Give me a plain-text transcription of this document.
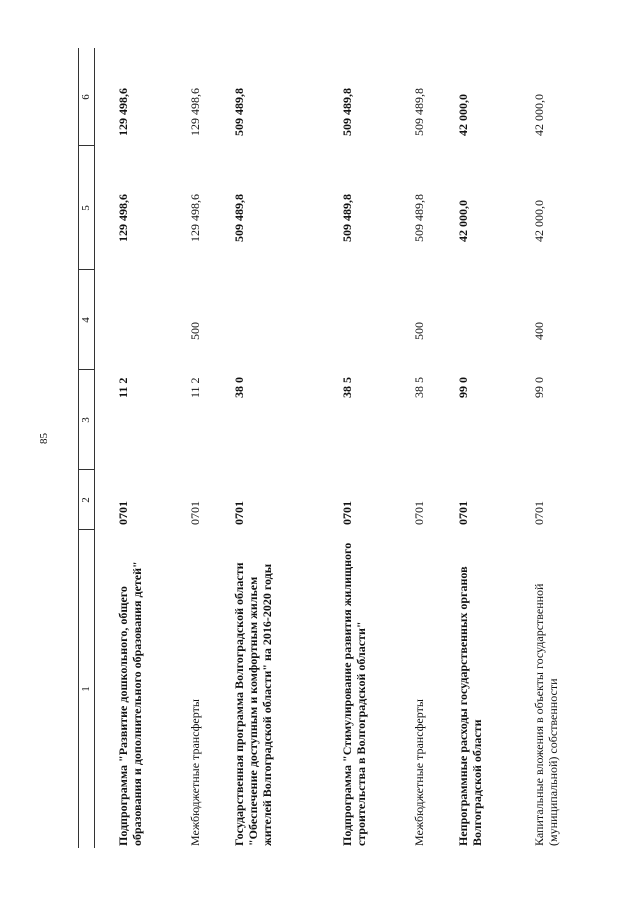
85
1
2
3
4
5
6
Подпрограмма "Развитие дошкольного, общего образования и дополнительного образования детей"
0701
11 2
129 498,6
129 498,6
Межбюджетные трансферты
0701
11 2
500
129 498,6
129 498,6
Государственная программа Волгоградской области "Обеспечение доступным и комфортным жильем жителей Волгоградской области" на 2016-2020 годы
0701
38 0
509 489,8
509 489,8
Подпрограмма "Стимулирование развития жилищного строительства в Волгоградской области"
0701
38 5
509 489,8
509 489,8
Межбюджетные трансферты
0701
38 5
500
509 489,8
509 489,8
Непрограммные расходы государственных органов Волгоградской области
0701
99 0
42 000,0
42 000,0
Капитальные вложения в объекты государственной (муниципальной) собственности
0701
99 0
400
42 000,0
42 000,0
